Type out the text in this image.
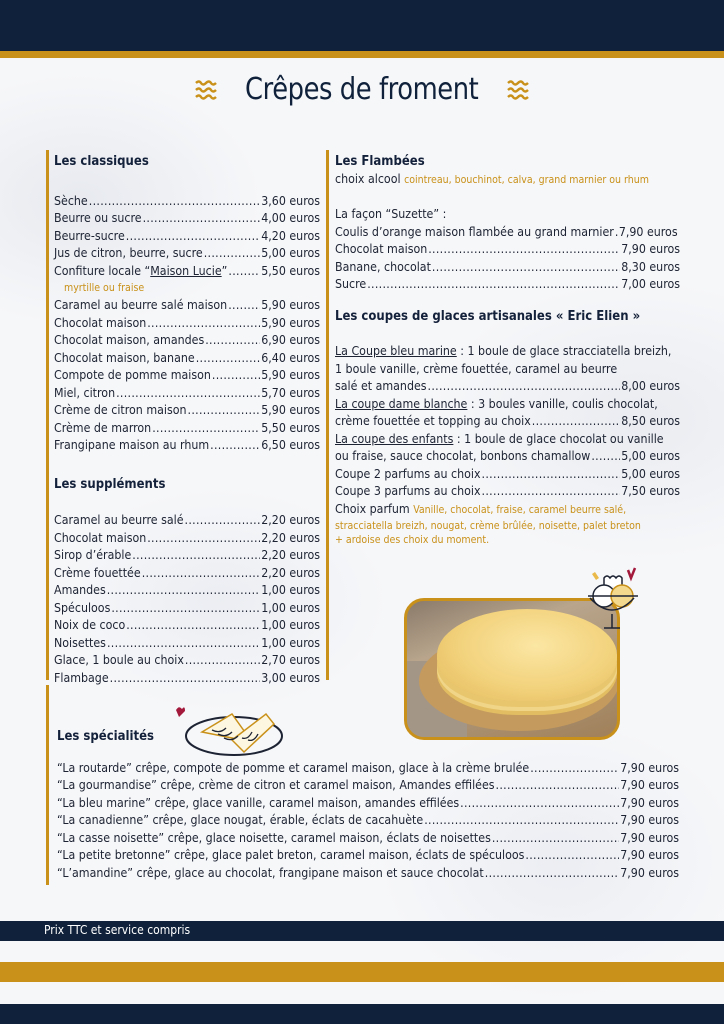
Crêpes de froment
Les classiques
Sèche .....	3,60 euros
Beurre ou sucre .....	4,00 euros
Beurre-sucre .....	4,20 euros
Jus de citron, beurre, sucre .....	5,00 euros
Confiture locale “Maison Lucie” .....	5,50 euros
myrtille ou fraise
Caramel au beurre salé maison .....	5,90 euros
Chocolat maison .....	5,90 euros
Chocolat maison, amandes .....	6,90 euros
Chocolat maison, banane .....	6,40 euros
Compote de pomme maison .....	5,90 euros
Miel, citron .....	5,70 euros
Crème de citron maison .....	5,90 euros
Crème de marron .....	5,50 euros
Frangipane maison au rhum .....	6,50 euros
Les suppléments
Caramel au beurre salé .....	2,20 euros
Chocolat maison .....	2,20 euros
Sirop d’érable .....	2,20 euros
Crème fouettée .....	2,20 euros
Amandes .....	1,00 euros
Spéculoos .....	1,00 euros
Noix de coco .....	1,00 euros
Noisettes .....	1,00 euros
Glace, 1 boule au choix .....	2,70 euros
Flambage .....	3,00 euros
Les Flambées
choix alcool cointreau, bouchinot, calva, grand marnier ou rhum
La façon “Suzette” :
Coulis d’orange maison flambée au grand marnier ..... 7,90 euros
Chocolat maison .....	7,90 euros
Banane, chocolat .....	8,30 euros
Sucre .....	7,00 euros
Les coupes de glaces artisanales « Eric Elien »
La Coupe bleu marine : 1 boule de glace stracciatella breizh,
1 boule vanille, crème fouettée, caramel au beurre
salé et amandes .....	8,00 euros
La coupe dame blanche : 3 boules vanille, coulis chocolat,
crème fouettée et topping au choix .....	8,50 euros
La coupe des enfants : 1 boule de glace chocolat ou vanille
ou fraise, sauce chocolat, bonbons chamallow .....	5,00 euros
Coupe 2 parfums au choix .....	5,00 euros
Coupe 3 parfums au choix .....	7,50 euros
Choix parfum Vanille, chocolat, fraise, caramel beurre salé,
stracciatella breizh, nougat, crème brûlée, noisette, palet breton
+ ardoise des choix du moment.
Les spécialités
“La routarde” crêpe, compote de pomme et caramel maison, glace à la crème brulée .....	7,90 euros
“La gourmandise” crêpe, crème de citron et caramel maison, Amandes effilées .....	7,90 euros
“La bleu marine” crêpe, glace vanille, caramel maison, amandes effilées .....	7,90 euros
“La canadienne” crêpe, glace nougat, érable, éclats de cacahuète .....	7,90 euros
“La casse noisette” crêpe, glace noisette, caramel maison, éclats de noisettes .....	7,90 euros
“La petite bretonne” crêpe, glace palet breton, caramel maison, éclats de spéculoos .....	7,90 euros
“L’amandine” crêpe, glace au chocolat, frangipane maison et sauce chocolat .....	7,90 euros
Prix TTC et service compris
